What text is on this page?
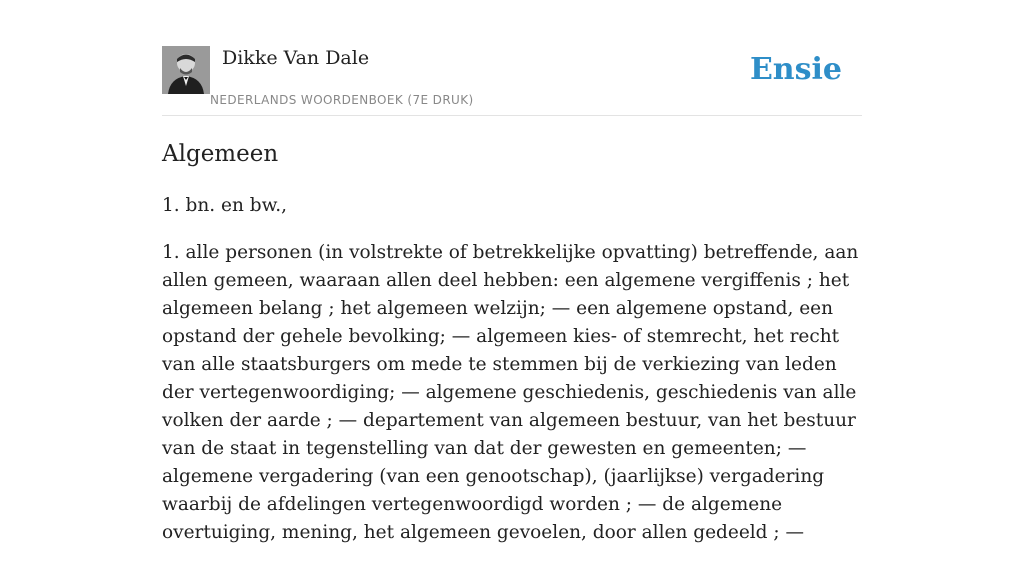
Dikke Van Dale
NEDERLANDS WOORDENBOEK (7E DRUK)
Ensie
Algemeen

1. bn. en bw.,

1. alle personen (in volstrekte of betrekkelijke opvatting) betreffende, aan allen gemeen, waaraan allen deel hebben: een algemene vergiffenis ; het algemeen belang ; het algemeen welzijn; — een algemene opstand, een opstand der gehele bevolking; — algemeen kies- of stemrecht, het recht van alle staatsburgers om mede te stemmen bij de verkiezing van leden der vertegenwoordiging; — algemene geschiedenis, geschiedenis van alle volken der aarde ; — departement van algemeen bestuur, van het bestuur van de staat in tegenstelling van dat der gewesten en gemeenten; — algemene vergadering (van een genootschap), (jaarlijkse) vergadering waarbij de afdelingen vertegenwoordigd worden ; — de algemene overtuiging, mening, het algemeen gevoelen, door allen gedeeld ; —
